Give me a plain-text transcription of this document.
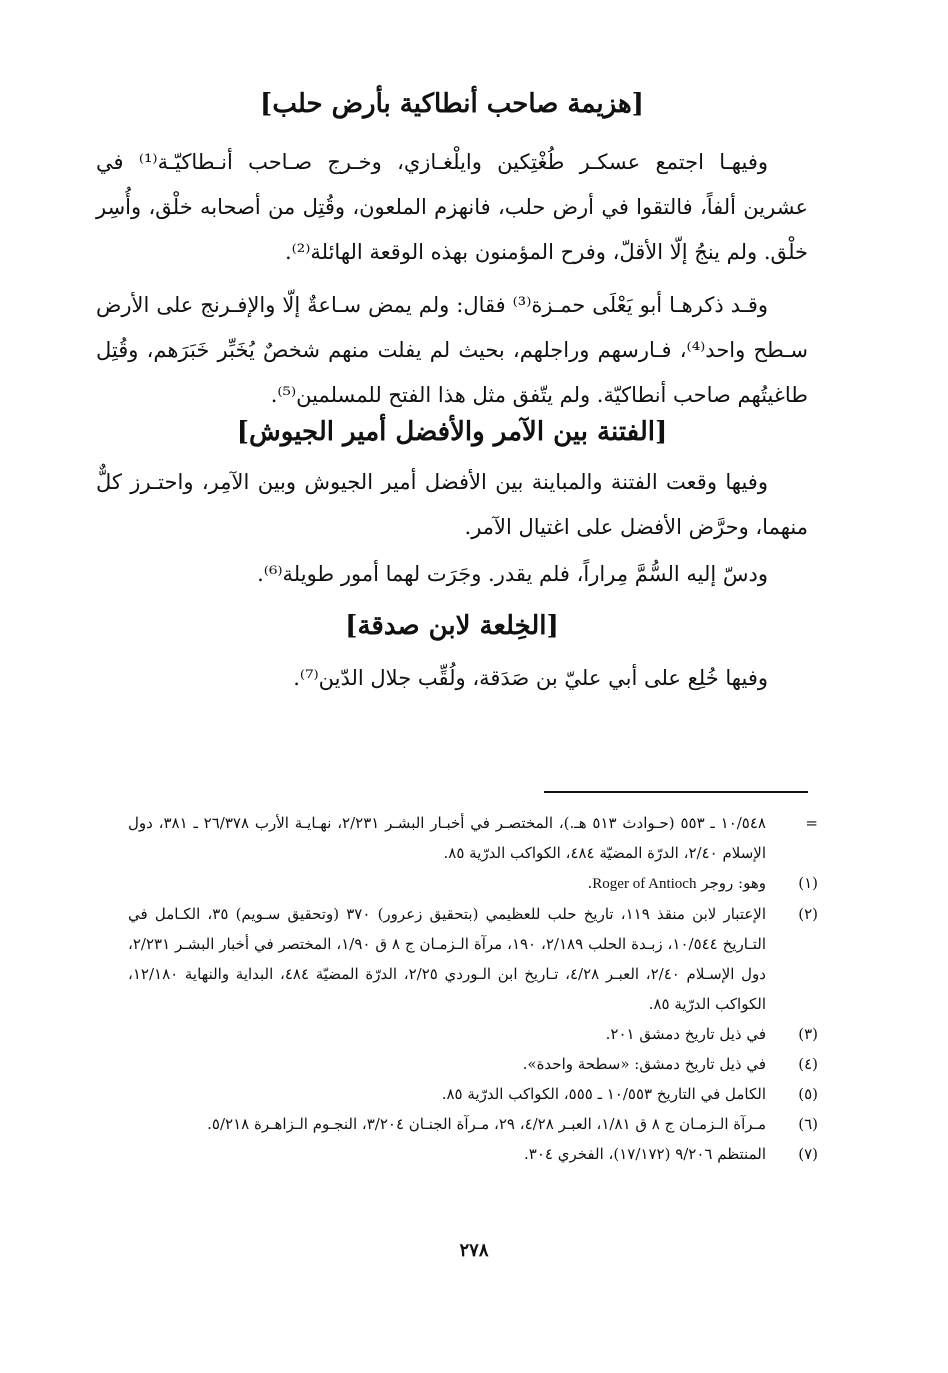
[هزيمة صاحب أنطاكية بأرض حلب]

وفيهـا اجتمع عسكـر طُغْتِكين وايلْغـازي، وخـرج صـاحب أنـطاكيّـة⁽¹⁾ في عشرين ألفاً، فالتقوا في أرض حلب، فانهزم الملعون، وقُتِل من أصحابه خلْق، وأُسِر خلْق. ولم ينجُ إلّا الأقلّ، وفرح المؤمنون بهذه الوقعة الهائلة⁽²⁾.

وقـد ذكرهـا أبو يَعْلَى حمـزة⁽³⁾ فقال: ولم يمض سـاعةٌ إلّا والإفـرنج على الأرض سـطح واحد⁽⁴⁾، فـارسهم وراجلهم، بحيث لم يفلت منهم شخصٌ يُخَبِّر خَبَرَهم، وقُتِل طاغيتُهم صاحب أنطاكيّة. ولم يتّفق مثل هذا الفتح للمسلمين⁽⁵⁾.

[الفتنة بين الآمر والأفضل أمير الجيوش]

وفيها وقعت الفتنة والمباينة بين الأفضل أمير الجيوش وبين الآمِر، واحتـرز كلٌّ منهما، وحرَّض الأفضل على اغتيال الآمر.

ودسّ إليه السُّمَّ مِراراً، فلم يقدر. وجَرَت لهما أمور طويلة⁽⁶⁾.

[الخِلعة لابن صدقة]

وفيها خُلِع على أبي عليّ بن صَدَقة، ولُقِّب جلال الدّين⁽⁷⁾.

=
١٠/٥٤٨ ـ ٥٥٣ (حـوادث ٥١٣ هـ.)، المختصـر في أخبـار البشـر ٢/٢٣١، نهـايـة الأرب ٢٦/٣٧٨ ـ ٣٨١، دول الإسلام ٢/٤٠، الدرّة المضيّة ٤٨٤، الكواكب الدرّية ٨٥.
(١)
وهو: روجر Roger of Antioch.
(٢)
الإعتبار لابن منقذ ١١٩، تاريخ حلب للعظيمي (بتحقيق زعرور) ٣٧٠ (وتحقيق سـويم) ٣٥، الكـامل في التـاريخ ١٠/٥٤٤، زبـدة الحلب ٢/١٨٩، ١٩٠، مرآة الـزمـان ج ٨ ق ١/٩٠، المختصر في أخبار البشـر ٢/٢٣١، دول الإسـلام ٢/٤٠، العبـر ٤/٢٨، تـاريخ ابن الـوردي ٢/٢٥، الدرّة المضيّة ٤٨٤، البداية والنهاية ١٢/١٨٠، الكواكب الدرّية ٨٥.
(٣)
في ذيل تاريخ دمشق ٢٠١.
(٤)
في ذيل تاريخ دمشق: «سطحة واحدة».
(٥)
الكامل في التاريخ ١٠/٥٥٣ ـ ٥٥٥، الكواكب الدرّية ٨٥.
(٦)
مـرآة الـزمـان ج ٨ ق ١/٨١، العبـر ٤/٢٨، ٢٩، مـرآة الجنـان ٣/٢٠٤، النجـوم الـزاهـرة ٥/٢١٨.
(٧)
المنتظم ٩/٢٠٦ (١٧/١٧٢)، الفخري ٣٠٤.
٢٧٨
